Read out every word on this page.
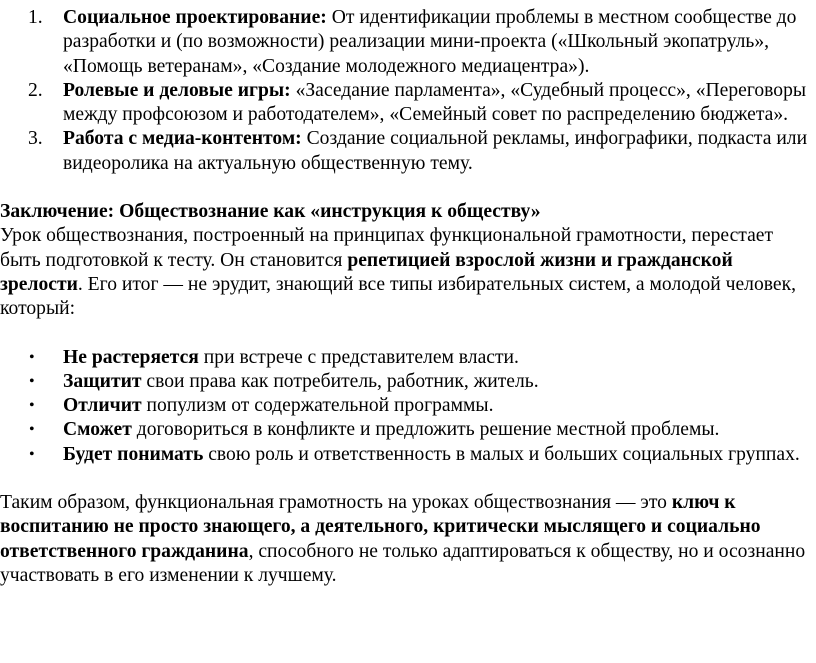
1. Социальное проектирование: От идентификации проблемы в местном сообществе до разработки и (по возможности) реализации мини-проекта («Школьный экопатруль», «Помощь ветеранам», «Создание молодежного медиацентра»).
2. Ролевые и деловые игры: «Заседание парламента», «Судебный процесс», «Переговоры между профсоюзом и работодателем», «Семейный совет по распределению бюджета».
3. Работа с медиа-контентом: Создание социальной рекламы, инфографики, подкаста или видеоролика на актуальную общественную тему.
Заключение: Обществознание как «инструкция к обществу»

Урок обществознания, построенный на принципах функциональной грамотности, перестает быть подготовкой к тесту. Он становится репетицией взрослой жизни и гражданской зрелости. Его итог — не эрудит, знающий все типы избирательных систем, а молодой человек, который:

• Не растеряется при встрече с представителем власти.
• Защитит свои права как потребитель, работник, житель.
• Отличит популизм от содержательной программы.
• Сможет договориться в конфликте и предложить решение местной проблемы.
• Будет понимать свою роль и ответственность в малых и больших социальных группах.

Таким образом, функциональная грамотность на уроках обществознания — это ключ к воспитанию не просто знающего, а деятельного, критически мыслящего и социально ответственного гражданина, способного не только адаптироваться к обществу, но и осознанно участвовать в его изменении к лучшему.
